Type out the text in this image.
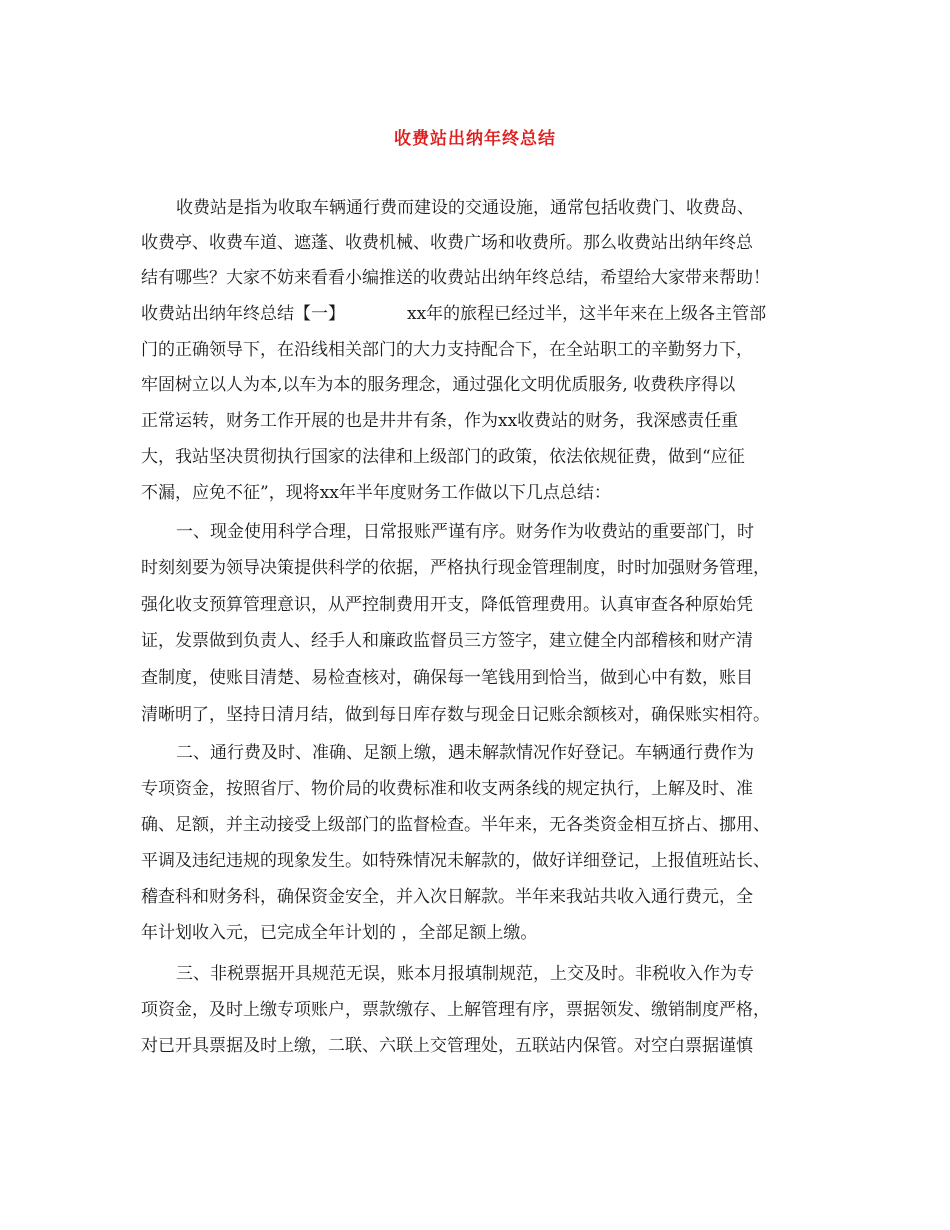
收费站出纳年终总结
收费站是指为收取车辆通行费而建设的交通设施，通常包括收费门、收费岛、
收费亭、收费车道、遮蓬、收费机械、收费广场和收费所。那么收费站出纳年终总
结有哪些？大家不妨来看看小编推送的收费站出纳年终总结，希望给大家带来帮助！
收费站出纳年终总结【一】	xx年的旅程已经过半，这半年来在上级各主管部
门的正确领导下，在沿线相关部门的大力支持配合下，在全站职工的辛勤努力下，
牢固树立以人为本,以车为本的服务理念，通过强化文明优质服务, 收费秩序得以
正常运转，财务工作开展的也是井井有条，作为xx收费站的财务，我深感责任重
大，我站坚决贯彻执行国家的法律和上级部门的政策，依法依规征费，做到“应征
不漏，应免不征”，现将xx年半年度财务工作做以下几点总结：
一、现金使用科学合理，日常报账严谨有序。财务作为收费站的重要部门，时
时刻刻要为领导决策提供科学的依据，严格执行现金管理制度，时时加强财务管理，
强化收支预算管理意识，从严控制费用开支，降低管理费用。认真审查各种原始凭
证，发票做到负责人、经手人和廉政监督员三方签字，建立健全内部稽核和财产清
查制度，使账目清楚、易检查核对，确保每一笔钱用到恰当，做到心中有数，账目
清晰明了，坚持日清月结，做到每日库存数与现金日记账余额核对，确保账实相符。
二、通行费及时、准确、足额上缴，遇未解款情况作好登记。车辆通行费作为
专项资金，按照省厅、物价局的收费标准和收支两条线的规定执行，上解及时、准
确、足额，并主动接受上级部门的监督检查。半年来，无各类资金相互挤占、挪用、
平调及违纪违规的现象发生。如特殊情况未解款的，做好详细登记，上报值班站长、
稽查科和财务科，确保资金安全，并入次日解款。半年来我站共收入通行费元，全
年计划收入元，已完成全年计划的 ，全部足额上缴。
三、非税票据开具规范无误，账本月报填制规范，上交及时。非税收入作为专
项资金，及时上缴专项账户，票款缴存、上解管理有序，票据领发、缴销制度严格，
对已开具票据及时上缴，二联、六联上交管理处，五联站内保管。对空白票据谨慎
